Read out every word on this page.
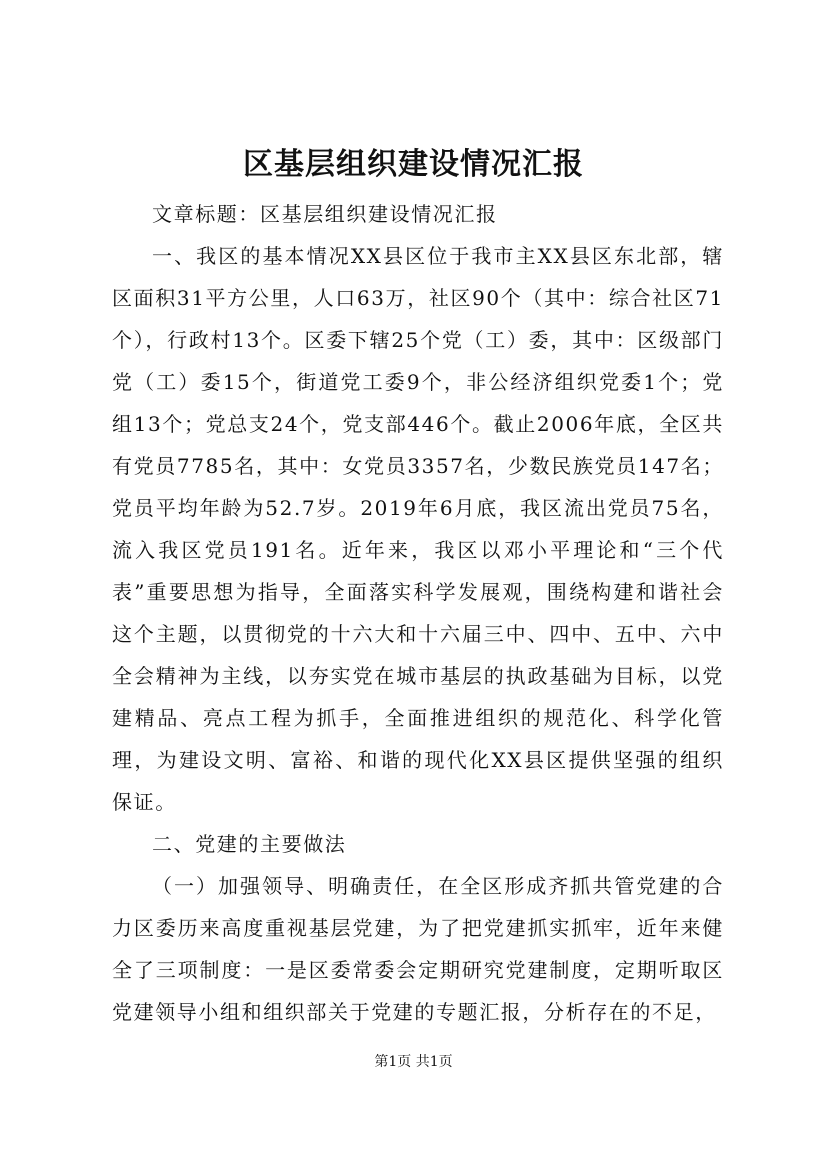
区基层组织建设情况汇报

文章标题：区基层组织建设情况汇报

一、我区的基本情况XX县区位于我市主XX县区东北部，辖区面积31平方公里，人口63万，社区90个（其中：综合社区71个），行政村13个。区委下辖25个党（工）委，其中：区级部门党（工）委15个，街道党工委9个，非公经济组织党委1个；党组13个；党总支24个，党支部446个。截止2006年底，全区共有党员7785名，其中：女党员3357名，少数民族党员147名；党员平均年龄为52.7岁。2019年6月底，我区流出党员75名，流入我区党员191名。近年来，我区以邓小平理论和“三个代表”重要思想为指导，全面落实科学发展观，围绕构建和谐社会这个主题，以贯彻党的十六大和十六届三中、四中、五中、六中全会精神为主线，以夯实党在城市基层的执政基础为目标，以党建精品、亮点工程为抓手，全面推进组织的规范化、科学化管理，为建设文明、富裕、和谐的现代化XX县区提供坚强的组织保证。

二、党建的主要做法

（一）加强领导、明确责任，在全区形成齐抓共管党建的合力区委历来高度重视基层党建，为了把党建抓实抓牢，近年来健全了三项制度：一是区委常委会定期研究党建制度，定期听取区党建领导小组和组织部关于党建的专题汇报，分析存在的不足，

第1页 共1页
